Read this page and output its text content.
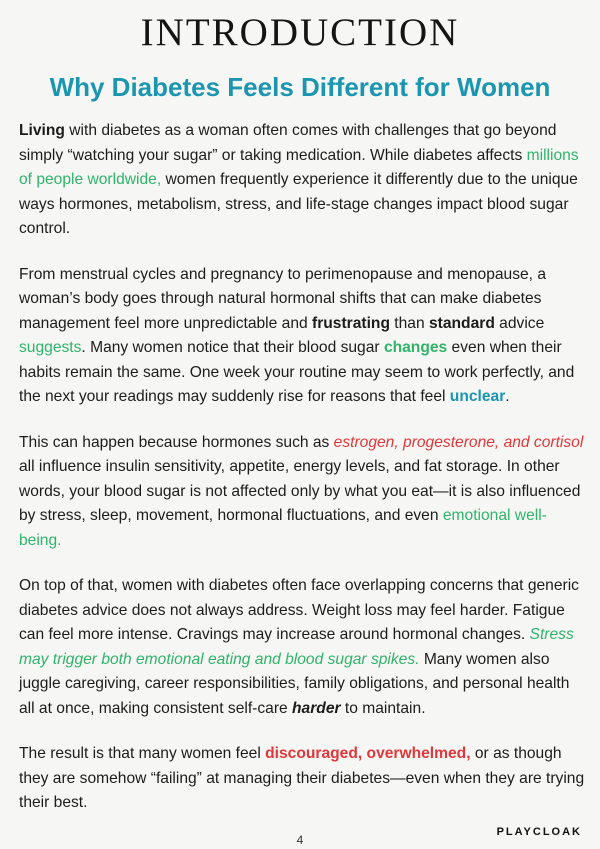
INTRODUCTION
Why Diabetes Feels Different for Women

Living with diabetes as a woman often comes with challenges that go beyond simply “watching your sugar” or taking medication. While diabetes affects millions of people worldwide, women frequently experience it differently due to the unique ways hormones, metabolism, stress, and life-stage changes impact blood sugar control.

From menstrual cycles and pregnancy to perimenopause and menopause, a woman’s body goes through natural hormonal shifts that can make diabetes management feel more unpredictable and frustrating than standard advice suggests. Many women notice that their blood sugar changes even when their habits remain the same. One week your routine may seem to work perfectly, and the next your readings may suddenly rise for reasons that feel unclear.

This can happen because hormones such as estrogen, progesterone, and cortisol all influence insulin sensitivity, appetite, energy levels, and fat storage. In other words, your blood sugar is not affected only by what you eat—it is also influenced by stress, sleep, movement, hormonal fluctuations, and even emotional well-being.

On top of that, women with diabetes often face overlapping concerns that generic diabetes advice does not always address. Weight loss may feel harder. Fatigue can feel more intense. Cravings may increase around hormonal changes. Stress may trigger both emotional eating and blood sugar spikes. Many women also juggle caregiving, career responsibilities, family obligations, and personal health all at once, making consistent self-care harder to maintain.

The result is that many women feel discouraged, overwhelmed, or as though they are somehow “failing” at managing their diabetes—even when they are trying their best.

4
PLAYCLOAK
